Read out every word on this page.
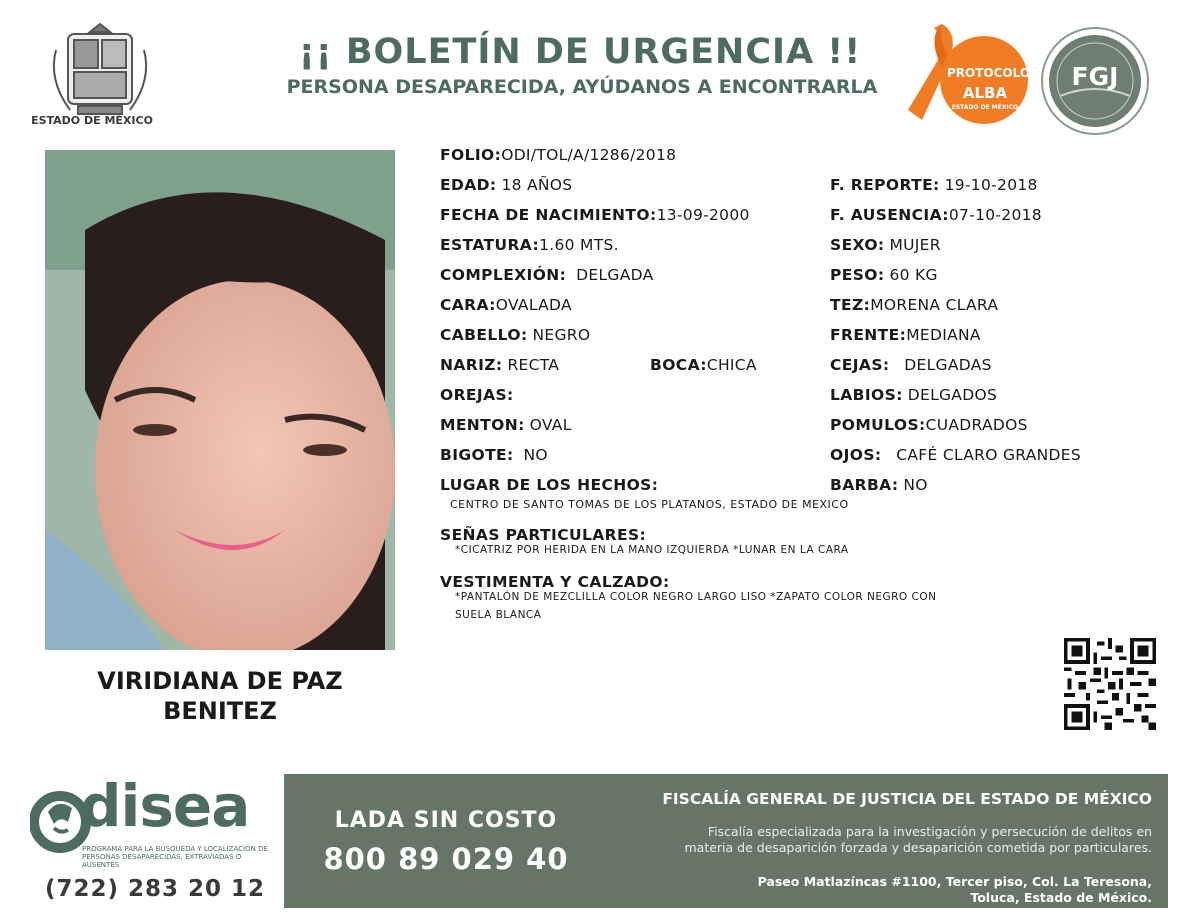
ESTADO DE MÉXICO
¡¡ BOLETÍN DE URGENCIA !!
PERSONA DESAPARECIDA, AYÚDANOS A ENCONTRARLA
PROTOCOLO
ALBA
ESTADO DE MÉXICO
FGJ
VIRIDIANA DE PAZ
BENITEZ
FOLIO:ODI/TOL/A/1286/2018
EDAD: 18 AÑOS
FECHA DE NACIMIENTO:13-09-2000
ESTATURA:1.60 MTS.
COMPLEXIÓN: DELGADA
CARA:OVALADA
CABELLO: NEGRO
NARIZ: RECTA	BOCA:CHICA
OREJAS:
MENTON: OVAL
BIGOTE: NO
LUGAR DE LOS HECHOS:
CENTRO DE SANTO TOMAS DE LOS PLATANOS, ESTADO DE MEXICO
SEÑAS PARTICULARES:
*CICATRIZ POR HERIDA EN LA MANO IZQUIERDA *LUNAR EN LA CARA
VESTIMENTA Y CALZADO:
*PANTALÓN DE MEZCLILLA COLOR NEGRO LARGO LISO *ZAPATO COLOR NEGRO CON
SUELA BLANCA
F. REPORTE: 19-10-2018
F. AUSENCIA:07-10-2018
SEXO: MUJER
PESO: 60 KG
TEZ:MORENA CLARA
FRENTE:MEDIANA
CEJAS: DELGADAS
LABIOS: DELGADOS
POMULOS:CUADRADOS
OJOS: CAFÉ CLARO GRANDES
BARBA: NO
disea
PROGRAMA PARA LA BÚSQUEDA Y LOCALIZACIÓN DE PERSONAS DESAPARECIDAS, EXTRAVIADAS O AUSENTES
(722) 283 20 12
LADA SIN COSTO
800 89 029 40
FISCALÍA GENERAL DE JUSTICIA DEL ESTADO DE MÉXICO
Fiscalía especializada para la investigación y persecución de delitos en
materia de desaparición forzada y desaparición cometida por particulares.
Paseo Matlazíncas #1100, Tercer piso, Col. La Teresona,
Toluca, Estado de México.
